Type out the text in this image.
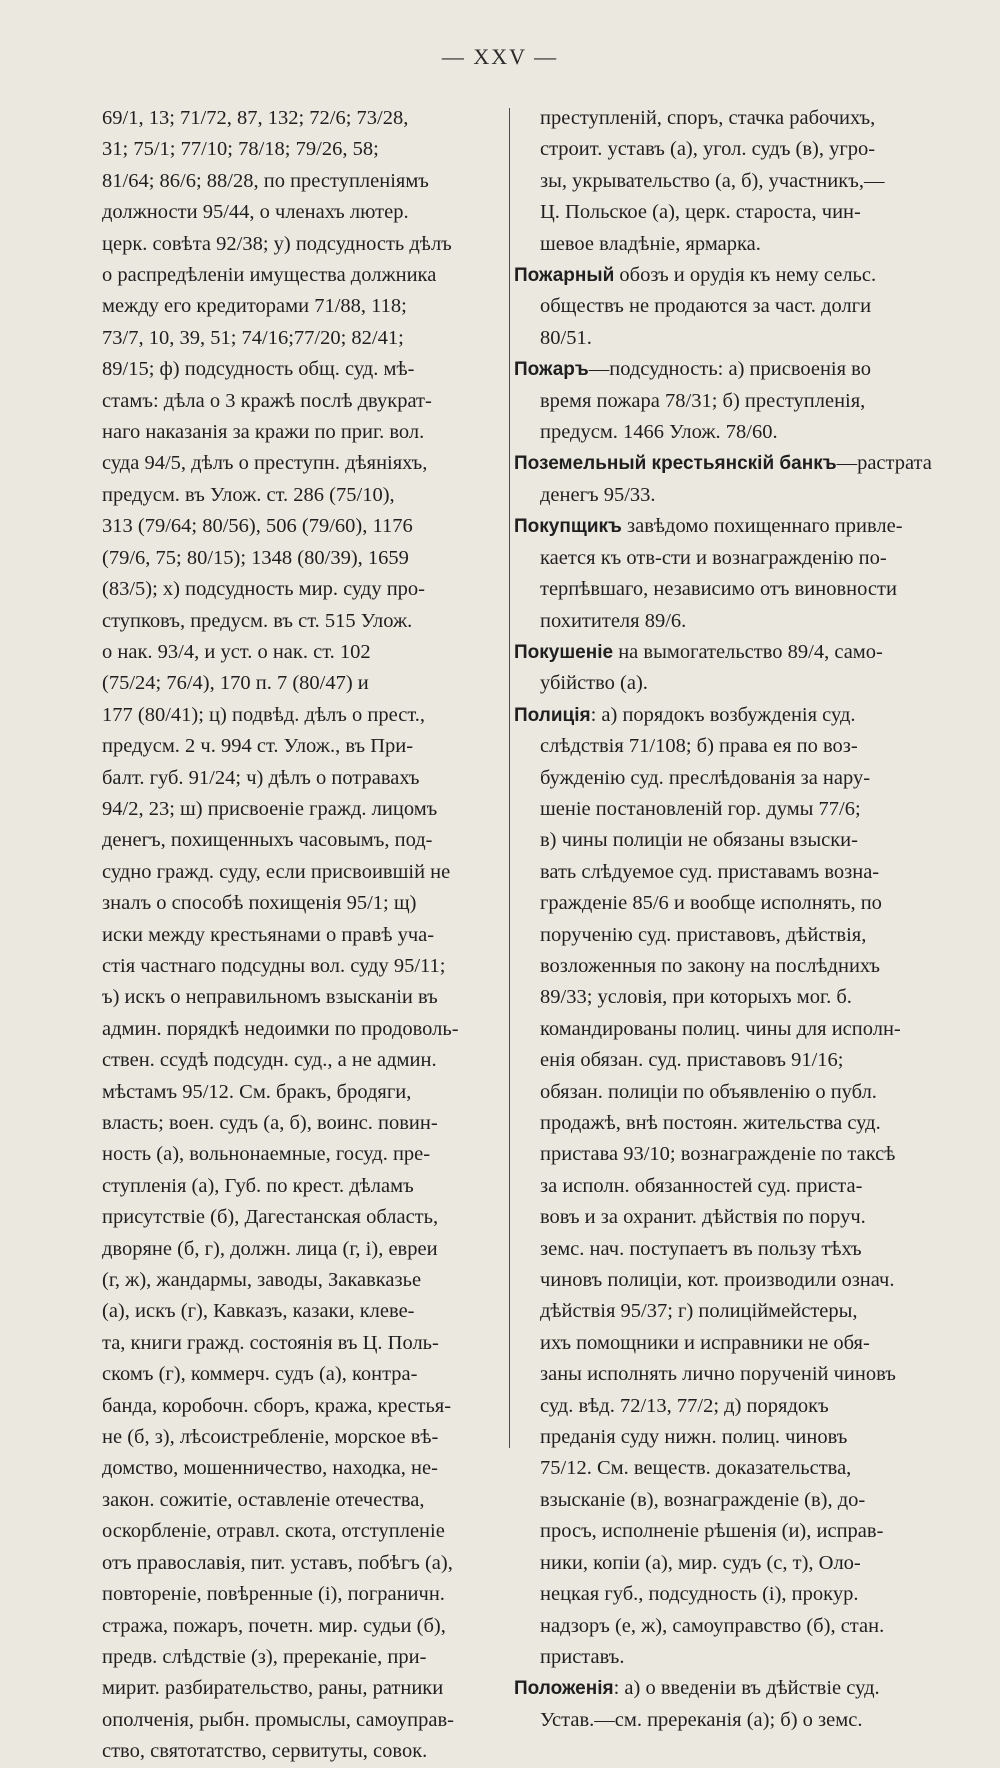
— XXV —
69/1, 13; 71/72, 87, 132; 72/6; 73/28,
31; 75/1; 77/10; 78/18; 79/26, 58;
81/64; 86/6; 88/28, по преступленiямъ
должности 95/44, о членахъ лютер.
церк. совѣта 92/38; у) подсудность дѣлъ
о распредѣленiи имущества должника
между его кредиторами 71/88, 118;
73/7, 10, 39, 51; 74/16;77/20; 82/41;
89/15; ф) подсудность общ. суд. мѣ-
стамъ: дѣла о 3 кражѣ послѣ двукрат-
наго наказанiя за кражи по приг. вол.
суда 94/5, дѣлъ о преступн. дѣянiяхъ,
предусм. въ Улож. ст. 286 (75/10),
313 (79/64; 80/56), 506 (79/60), 1176
(79/6, 75; 80/15); 1348 (80/39), 1659
(83/5); х) подсудность мир. суду про-
ступковъ, предусм. въ ст. 515 Улож.
о нак. 93/4, и уст. о нак. ст. 102
(75/24; 76/4), 170 п. 7 (80/47) и
177 (80/41); ц) подвѣд. дѣлъ о прест.,
предусм. 2 ч. 994 ст. Улож., въ При-
балт. губ. 91/24; ч) дѣлъ о потравахъ
94/2, 23; ш) присвоенiе гражд. лицомъ
денегъ, похищенныхъ часовымъ, под-
судно гражд. суду, если присвоившiй не
зналъ о способѣ похищенiя 95/1; щ)
иски между крестьянами о правѣ уча-
стiя частнаго подсудны вол. суду 95/11;
ъ) искъ о неправильномъ взысканiи въ
админ. порядкѣ недоимки по продоволь-
ствен. ссудѣ подсудн. суд., а не админ.
мѣстамъ 95/12. См. бракъ, бродяги,
власть; воен. судъ (а, б), воинс. повин-
ность (а), вольнонаемные, госуд. пре-
ступленiя (а), Губ. по крест. дѣламъ
присутствiе (б), Дагестанская область,
дворяне (б, г), должн. лица (г, i), евреи
(г, ж), жандармы, заводы, Закавказье
(а), искъ (г), Кавказъ, казаки, клеве-
та, книги гражд. состоянiя въ Ц. Поль-
скомъ (г), коммерч. судъ (а), контра-
банда, коробочн. сборъ, кража, крестья-
не (б, з), лѣсоистребленiе, морское вѣ-
домство, мошенничество, находка, не-
закон. сожитiе, оставленiе отечества,
оскорбленiе, отравл. скота, отступленiе
отъ православiя, пит. уставъ, побѣгъ (а),
повторенiе, повѣренные (i), пограничн.
стража, пожаръ, почетн. мир. судьи (б),
предв. слѣдствiе (з), пререканiе, при-
мирит. разбирательство, раны, ратники
ополченiя, рыбн. промыслы, самоуправ-
ство, святотатство, сервитуты, совок.
преступленiй, споръ, стачка рабочихъ,
строит. уставъ (а), угол. судъ (в), угро-
зы, укрывательство (а, б), участникъ,—
Ц. Польское (а), церк. староста, чин-
шевое владѣнiе, ярмарка.
Пожарный обозъ и орудiя къ нему сельс.
обществъ не продаются за част. долги
80/51.
Пожаръ—подсудность: а) присвоенiя во
время пожара 78/31; б) преступленiя,
предусм. 1466 Улож. 78/60.
Поземельный крестьянскiй банкъ—растрата
денегъ 95/33.
Покупщикъ завѣдомо похищеннаго привле-
кается къ отв-сти и вознагражденiю по-
терпѣвшаго, независимо отъ виновности
похитителя 89/6.
Покушенiе на вымогательство 89/4, само-
убiйство (а).
Полицiя: а) порядокъ возбужденiя суд.
слѣдствiя 71/108; б) права ея по воз-
бужденiю суд. преслѣдованiя за нару-
шенiе постановленiй гор. думы 77/6;
в) чины полицiи не обязаны взыски-
вать слѣдуемое суд. приставамъ возна-
гражденiе 85/6 и вообще исполнять, по
порученiю суд. приставовъ, дѣйствiя,
возложенныя по закону на послѣднихъ
89/33; условiя, при которыхъ мог. б.
командированы полиц. чины для исполн-
енiя обязан. суд. приставовъ 91/16;
обязан. полицiи по объявленiю о публ.
продажѣ, внѣ постоян. жительства суд.
пристава 93/10; вознагражденiе по таксѣ
за исполн. обязанностей суд. приста-
вовъ и за охранит. дѣйствiя по поруч.
земс. нач. поступаетъ въ пользу тѣхъ
чиновъ полицiи, кот. производили означ.
дѣйствiя 95/37; г) полицiймейстеры,
ихъ помощники и исправники не обя-
заны исполнять лично порученiй чиновъ
суд. вѣд. 72/13, 77/2; д) порядокъ
преданiя суду нижн. полиц. чиновъ
75/12. См. веществ. доказательства,
взысканiе (в), вознагражденiе (в), до-
просъ, исполненiе рѣшенiя (и), исправ-
ники, копiи (а), мир. судъ (с, т), Оло-
нецкая губ., подсудность (i), прокур.
надзоръ (е, ж), самоуправство (б), стан.
приставъ.
Положенiя: а) о введенiи въ дѣйствiе суд.
Устав.—см. пререканiя (а); б) о земс.
